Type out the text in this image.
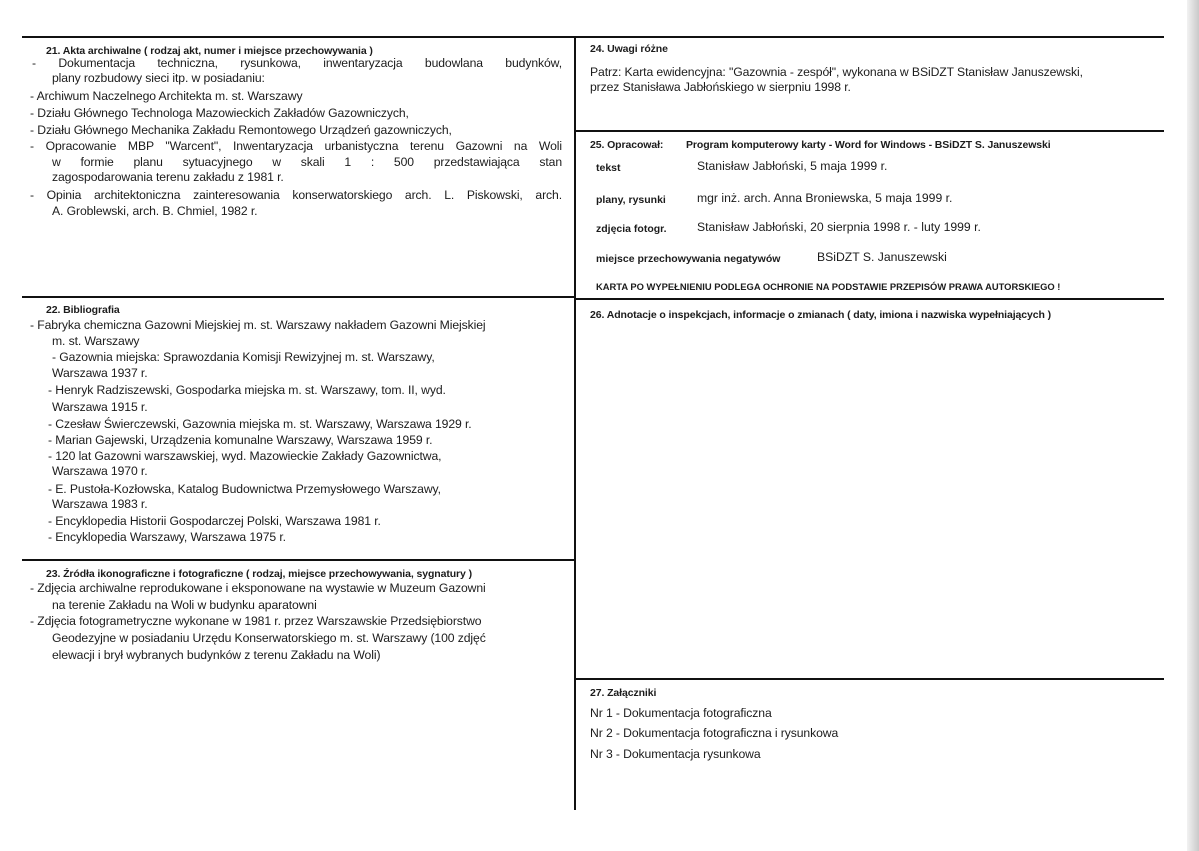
21. Akta archiwalne ( rodzaj akt, numer i miejsce przechowywania )
- Dokumentacja techniczna, rysunkowa, inwentaryzacja budowlana budynków,
plany rozbudowy sieci itp. w posiadaniu:
- Archiwum Naczelnego Architekta m. st. Warszawy
- Działu Głównego Technologa Mazowieckich Zakładów Gazowniczych,
- Działu Głównego Mechanika Zakładu Remontowego Urządzeń gazowniczych,
- Opracowanie MBP "Warcent", Inwentaryzacja urbanistyczna terenu Gazowni na Woli
w formie planu sytuacyjnego w skali 1 : 500 przedstawiająca stan
zagospodarowania terenu zakładu z 1981 r.
- Opinia architektoniczna zainteresowania konserwatorskiego arch. L. Piskowski, arch.
A. Groblewski, arch. B. Chmiel, 1982 r.
22. Bibliografia
- Fabryka chemiczna Gazowni Miejskiej m. st. Warszawy nakładem Gazowni Miejskiej
m. st. Warszawy
- Gazownia miejska: Sprawozdania Komisji Rewizyjnej m. st. Warszawy,
Warszawa 1937 r.
- Henryk Radziszewski, Gospodarka miejska m. st. Warszawy, tom. II, wyd.
Warszawa 1915 r.
- Czesław Świerczewski, Gazownia miejska m. st. Warszawy, Warszawa 1929 r.
- Marian Gajewski, Urządzenia komunalne Warszawy, Warszawa 1959 r.
- 120 lat Gazowni warszawskiej, wyd. Mazowieckie Zakłady Gazownictwa,
Warszawa 1970 r.
- E. Pustoła-Kozłowska, Katalog Budownictwa Przemysłowego Warszawy,
Warszawa 1983 r.
- Encyklopedia Historii Gospodarczej Polski, Warszawa 1981 r.
- Encyklopedia Warszawy, Warszawa 1975 r.
23. Źródła ikonograficzne i fotograficzne ( rodzaj, miejsce przechowywania, sygnatury )
- Zdjęcia archiwalne reprodukowane i eksponowane na wystawie w Muzeum Gazowni
na terenie Zakładu na Woli w budynku aparatowni
- Zdjęcia fotogrametryczne wykonane w 1981 r. przez Warszawskie Przedsiębiorstwo
Geodezyjne w posiadaniu Urzędu Konserwatorskiego m. st. Warszawy (100 zdjęć
elewacji i brył wybranych budynków z terenu Zakładu na Woli)
24. Uwagi różne
Patrz: Karta ewidencyjna: "Gazownia - zespół", wykonana w BSiDZT Stanisław Januszewski,
przez Stanisława Jabłońskiego w sierpniu 1998 r.
25. Opracował: Program komputerowy karty - Word for Windows - BSiDZT S. Januszewski
tekst	Stanisław Jabłoński, 5 maja 1999 r.
plany, rysunki	mgr inż. arch. Anna Broniewska, 5 maja 1999 r.
zdjęcia fotogr. Stanisław Jabłoński, 20 sierpnia 1998 r. - luty 1999 r.
miejsce przechowywania negatywów	BSiDZT S. Januszewski
KARTA PO WYPEŁNIENIU PODLEGA OCHRONIE NA PODSTAWIE PRZEPISÓW PRAWA AUTORSKIEGO !
26. Adnotacje o inspekcjach, informacje o zmianach ( daty, imiona i nazwiska wypełniających )
27. Załączniki
Nr 1 - Dokumentacja fotograficzna
Nr 2 - Dokumentacja fotograficzna i rysunkowa
Nr 3 - Dokumentacja rysunkowa
